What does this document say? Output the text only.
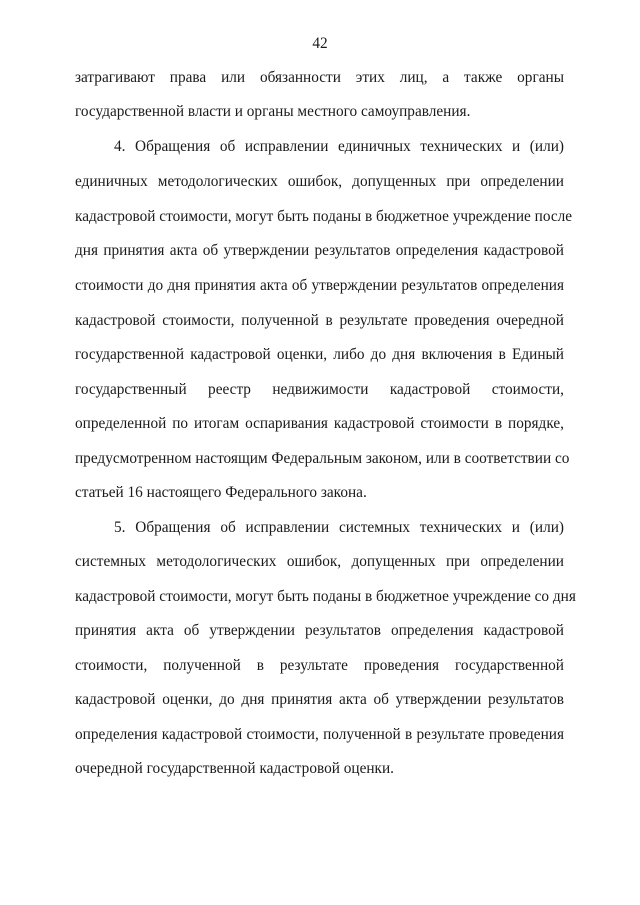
42
затрагивают права или обязанности этих лиц, а также органы
государственной власти и органы местного самоуправления.
4. Обращения об исправлении единичных технических и (или)
единичных методологических ошибок, допущенных при определении
кадастровой стоимости, могут быть поданы в бюджетное учреждение после
дня принятия акта об утверждении результатов определения кадастровой
стоимости до дня принятия акта об утверждении результатов определения
кадастровой стоимости, полученной в результате проведения очередной
государственной кадастровой оценки, либо до дня включения в Единый
государственный реестр недвижимости кадастровой стоимости,
определенной по итогам оспаривания кадастровой стоимости в порядке,
предусмотренном настоящим Федеральным законом, или в соответствии со
статьей 16 настоящего Федерального закона.
5. Обращения об исправлении системных технических и (или)
системных методологических ошибок, допущенных при определении
кадастровой стоимости, могут быть поданы в бюджетное учреждение со дня
принятия акта об утверждении результатов определения кадастровой
стоимости, полученной в результате проведения государственной
кадастровой оценки, до дня принятия акта об утверждении результатов
определения кадастровой стоимости, полученной в результате проведения
очередной государственной кадастровой оценки.
